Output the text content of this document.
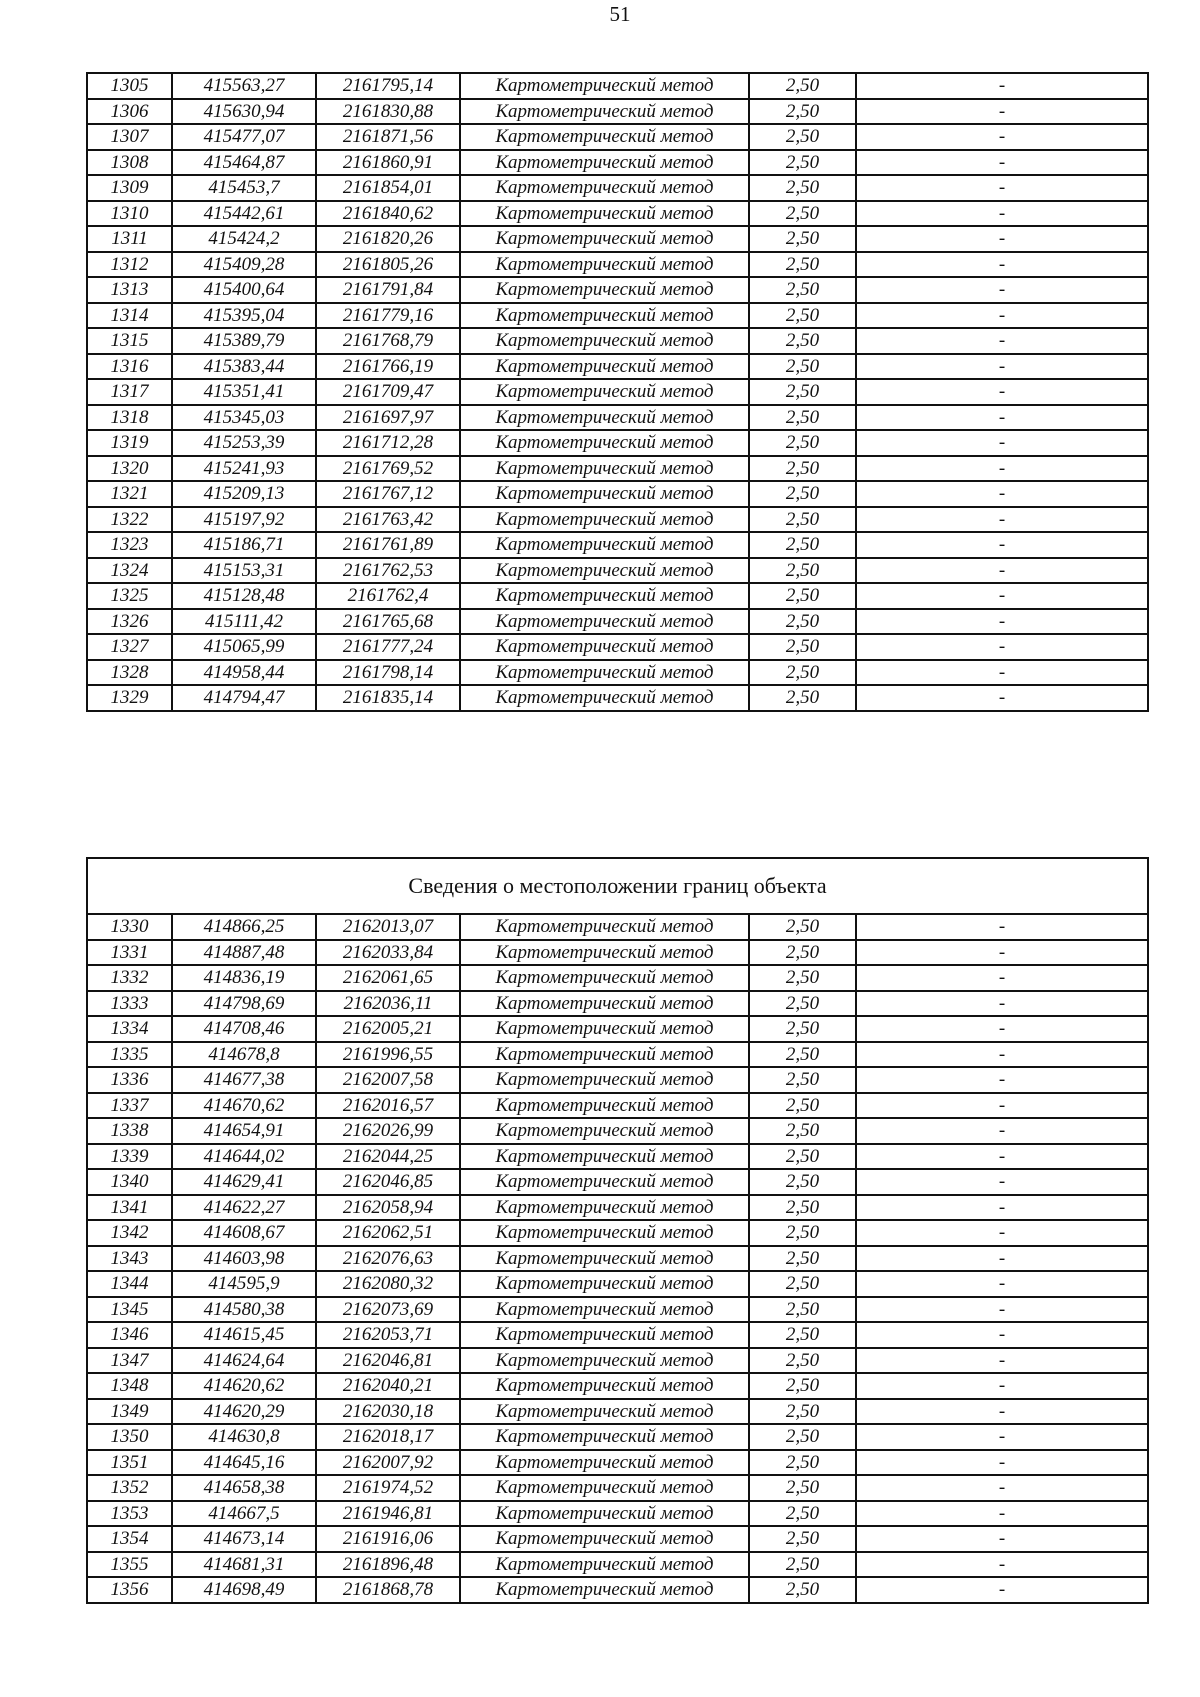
51
1305	415563,27	2161795,14	Картометрический метод	2,50	-
1306	415630,94	2161830,88	Картометрический метод	2,50	-
1307	415477,07	2161871,56	Картометрический метод	2,50	-
1308	415464,87	2161860,91	Картометрический метод	2,50	-
1309	415453,7	2161854,01	Картометрический метод	2,50	-
1310	415442,61	2161840,62	Картометрический метод	2,50	-
1311	415424,2	2161820,26	Картометрический метод	2,50	-
1312	415409,28	2161805,26	Картометрический метод	2,50	-
1313	415400,64	2161791,84	Картометрический метод	2,50	-
1314	415395,04	2161779,16	Картометрический метод	2,50	-
1315	415389,79	2161768,79	Картометрический метод	2,50	-
1316	415383,44	2161766,19	Картометрический метод	2,50	-
1317	415351,41	2161709,47	Картометрический метод	2,50	-
1318	415345,03	2161697,97	Картометрический метод	2,50	-
1319	415253,39	2161712,28	Картометрический метод	2,50	-
1320	415241,93	2161769,52	Картометрический метод	2,50	-
1321	415209,13	2161767,12	Картометрический метод	2,50	-
1322	415197,92	2161763,42	Картометрический метод	2,50	-
1323	415186,71	2161761,89	Картометрический метод	2,50	-
1324	415153,31	2161762,53	Картометрический метод	2,50	-
1325	415128,48	2161762,4	Картометрический метод	2,50	-
1326	415111,42	2161765,68	Картометрический метод	2,50	-
1327	415065,99	2161777,24	Картометрический метод	2,50	-
1328	414958,44	2161798,14	Картометрический метод	2,50	-
1329	414794,47	2161835,14	Картометрический метод	2,50	-
Сведения о местоположении границ объекта					
1330	414866,25	2162013,07	Картометрический метод	2,50	-
1331	414887,48	2162033,84	Картометрический метод	2,50	-
1332	414836,19	2162061,65	Картометрический метод	2,50	-
1333	414798,69	2162036,11	Картометрический метод	2,50	-
1334	414708,46	2162005,21	Картометрический метод	2,50	-
1335	414678,8	2161996,55	Картометрический метод	2,50	-
1336	414677,38	2162007,58	Картометрический метод	2,50	-
1337	414670,62	2162016,57	Картометрический метод	2,50	-
1338	414654,91	2162026,99	Картометрический метод	2,50	-
1339	414644,02	2162044,25	Картометрический метод	2,50	-
1340	414629,41	2162046,85	Картометрический метод	2,50	-
1341	414622,27	2162058,94	Картометрический метод	2,50	-
1342	414608,67	2162062,51	Картометрический метод	2,50	-
1343	414603,98	2162076,63	Картометрический метод	2,50	-
1344	414595,9	2162080,32	Картометрический метод	2,50	-
1345	414580,38	2162073,69	Картометрический метод	2,50	-
1346	414615,45	2162053,71	Картометрический метод	2,50	-
1347	414624,64	2162046,81	Картометрический метод	2,50	-
1348	414620,62	2162040,21	Картометрический метод	2,50	-
1349	414620,29	2162030,18	Картометрический метод	2,50	-
1350	414630,8	2162018,17	Картометрический метод	2,50	-
1351	414645,16	2162007,92	Картометрический метод	2,50	-
1352	414658,38	2161974,52	Картометрический метод	2,50	-
1353	414667,5	2161946,81	Картометрический метод	2,50	-
1354	414673,14	2161916,06	Картометрический метод	2,50	-
1355	414681,31	2161896,48	Картометрический метод	2,50	-
1356	414698,49	2161868,78	Картометрический метод	2,50	-
